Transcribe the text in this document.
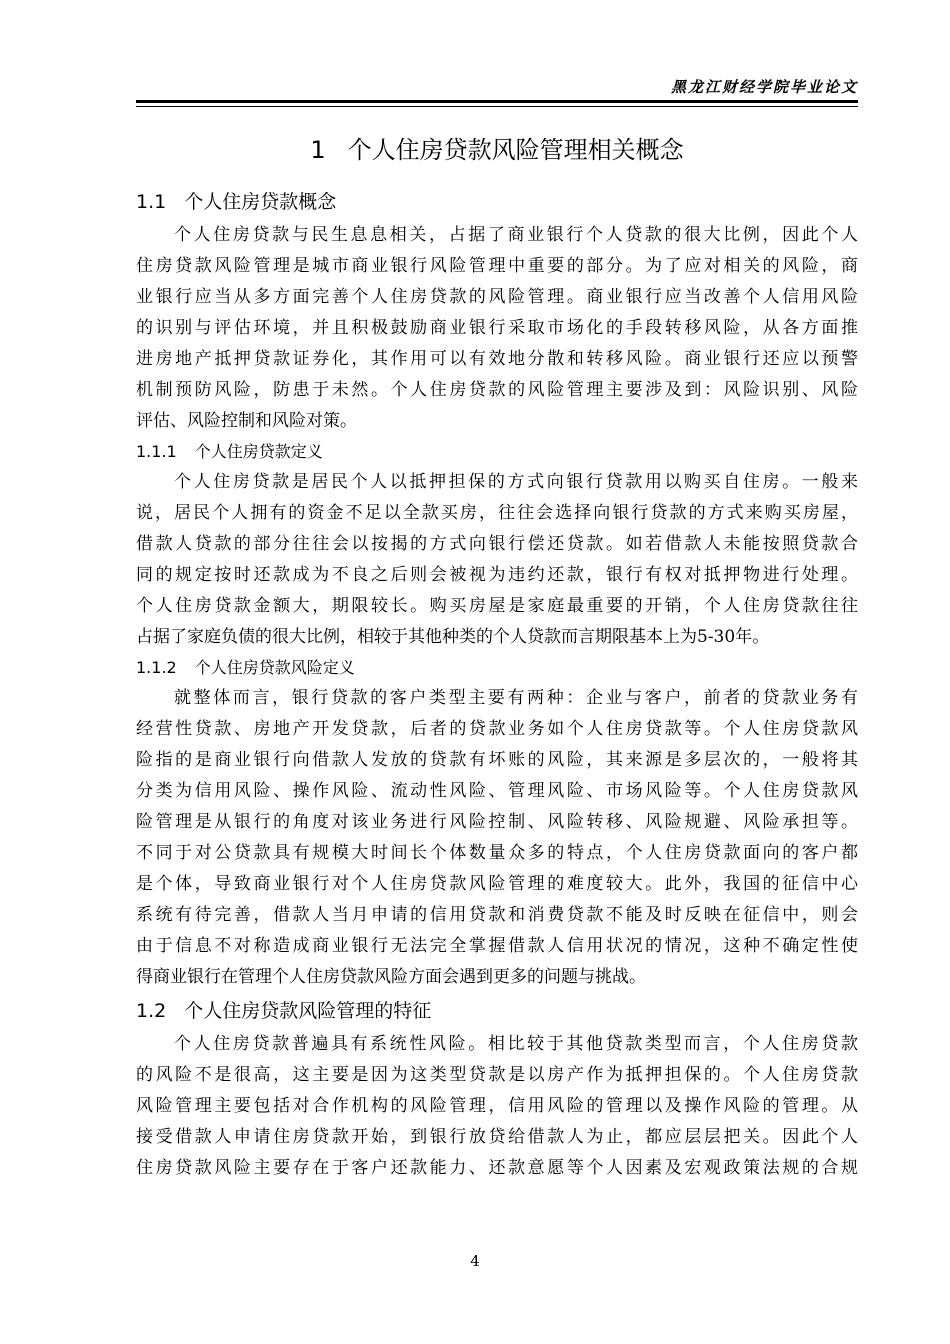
黑龙江财经学院毕业论文
1 个人住房贷款风险管理相关概念
1.1 个人住房贷款概念
个人住房贷款与民生息息相关，占据了商业银行个人贷款的很大比例，因此个人
住房贷款风险管理是城市商业银行风险管理中重要的部分。为了应对相关的风险，商
业银行应当从多方面完善个人住房贷款的风险管理。商业银行应当改善个人信用风险
的识别与评估环境，并且积极鼓励商业银行采取市场化的手段转移风险，从各方面推
进房地产抵押贷款证券化，其作用可以有效地分散和转移风险。商业银行还应以预警
机制预防风险，防患于未然。个人住房贷款的风险管理主要涉及到：风险识别、风险
评估、风险控制和风险对策。
1.1.1 个人住房贷款定义
个人住房贷款是居民个人以抵押担保的方式向银行贷款用以购买自住房。一般来
说，居民个人拥有的资金不足以全款买房，往往会选择向银行贷款的方式来购买房屋，
借款人贷款的部分往往会以按揭的方式向银行偿还贷款。如若借款人未能按照贷款合
同的规定按时还款成为不良之后则会被视为违约还款，银行有权对抵押物进行处理。
个人住房贷款金额大，期限较长。购买房屋是家庭最重要的开销，个人住房贷款往往
占据了家庭负债的很大比例，相较于其他种类的个人贷款而言期限基本上为5-30年。
1.1.2 个人住房贷款风险定义
就整体而言，银行贷款的客户类型主要有两种：企业与客户，前者的贷款业务有
经营性贷款、房地产开发贷款，后者的贷款业务如个人住房贷款等。个人住房贷款风
险指的是商业银行向借款人发放的贷款有坏账的风险，其来源是多层次的，一般将其
分类为信用风险、操作风险、流动性风险、管理风险、市场风险等。个人住房贷款风
险管理是从银行的角度对该业务进行风险控制、风险转移、风险规避、风险承担等。
不同于对公贷款具有规模大时间长个体数量众多的特点，个人住房贷款面向的客户都
是个体，导致商业银行对个人住房贷款风险管理的难度较大。此外，我国的征信中心
系统有待完善，借款人当月申请的信用贷款和消费贷款不能及时反映在征信中，则会
由于信息不对称造成商业银行无法完全掌握借款人信用状况的情况，这种不确定性使
得商业银行在管理个人住房贷款风险方面会遇到更多的问题与挑战。
1.2 个人住房贷款风险管理的特征
个人住房贷款普遍具有系统性风险。相比较于其他贷款类型而言，个人住房贷款
的风险不是很高，这主要是因为这类型贷款是以房产作为抵押担保的。个人住房贷款
风险管理主要包括对合作机构的风险管理，信用风险的管理以及操作风险的管理。从
接受借款人申请住房贷款开始，到银行放贷给借款人为止，都应层层把关。因此个人
住房贷款风险主要存在于客户还款能力、还款意愿等个人因素及宏观政策法规的合规
4
